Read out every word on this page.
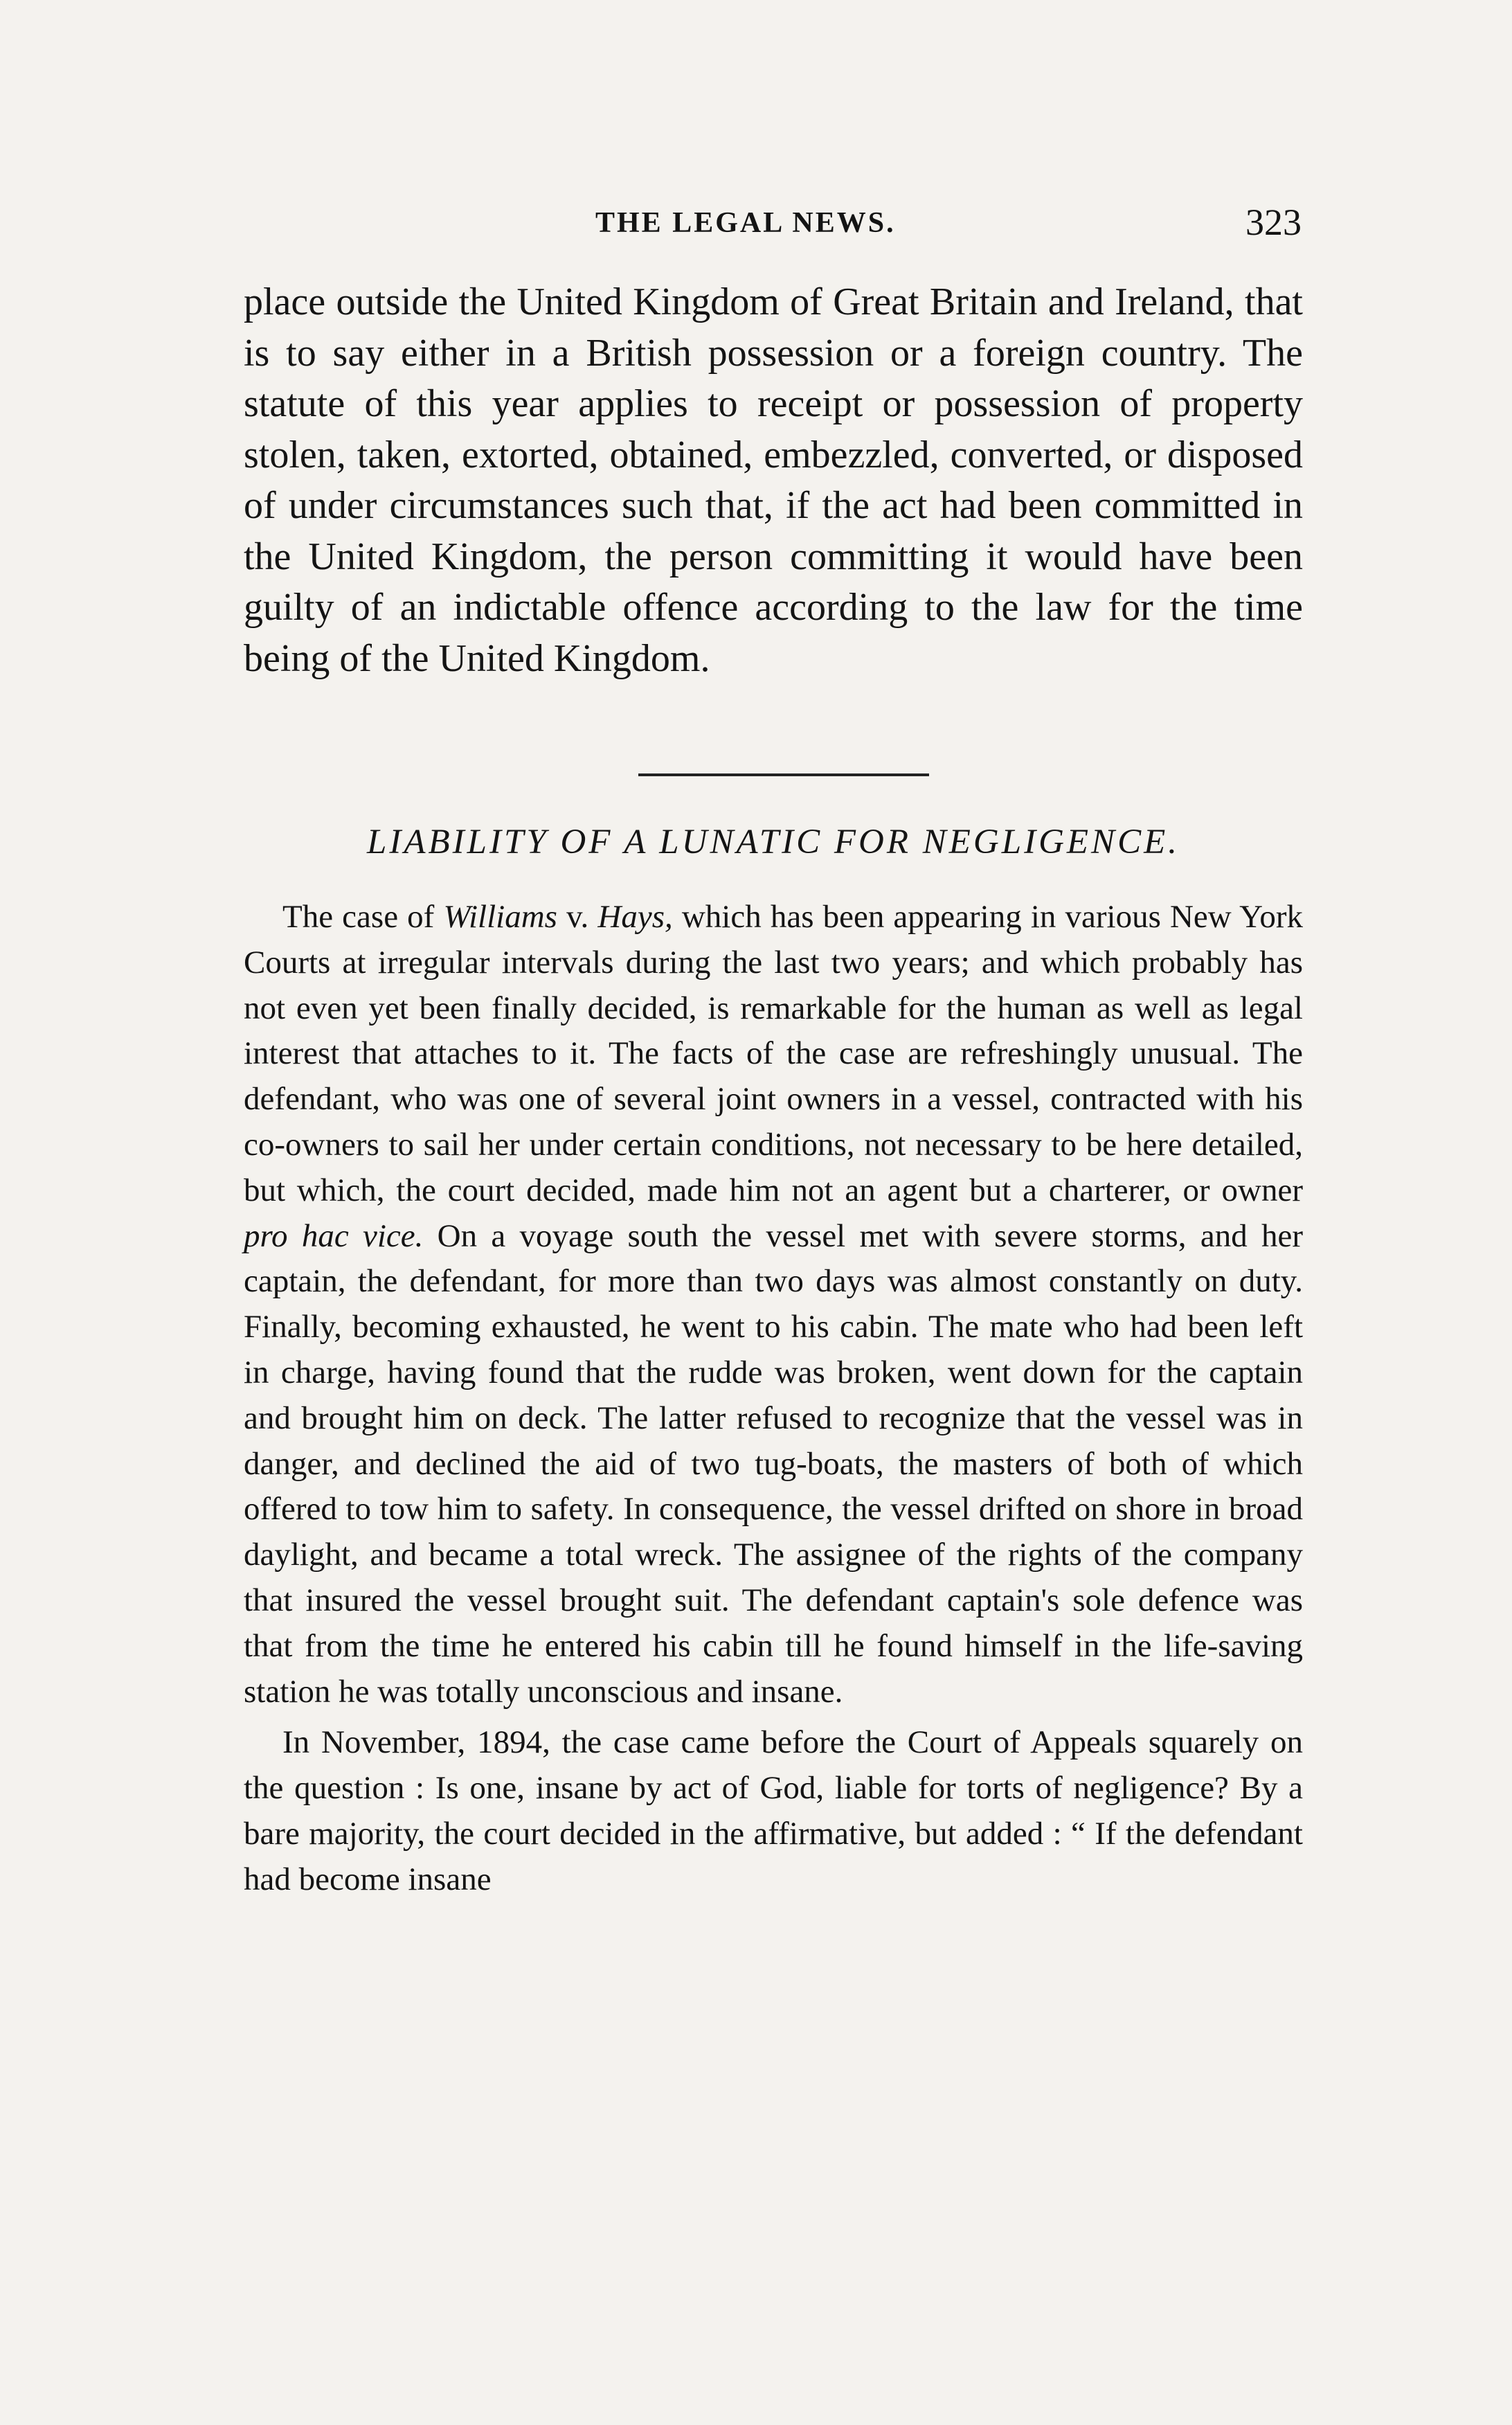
THE LEGAL NEWS.	323

place outside the United Kingdom of Great Britain and Ireland, that is to say either in a British possession or a foreign country. The statute of this year applies to receipt or possession of property stolen, taken, extorted, obtained, embezzled, converted, or disposed of under circumstances such that, if the act had been committed in the United Kingdom, the person committing it would have been guilty of an indictable offence according to the law for the time being of the United Kingdom.

LIABILITY OF A LUNATIC FOR NEGLIGENCE.

The case of Williams v. Hays, which has been appearing in various New York Courts at irregular intervals during the last two years; and which probably has not even yet been finally decided, is remarkable for the human as well as legal interest that attaches to it. The facts of the case are refreshingly unusual. The defendant, who was one of several joint owners in a vessel, contracted with his co-owners to sail her under certain conditions, not necessary to be here detailed, but which, the court decided, made him not an agent but a charterer, or owner pro hac vice. On a voyage south the vessel met with severe storms, and her captain, the defendant, for more than two days was almost constantly on duty. Finally, becoming exhausted, he went to his cabin. The mate who had been left in charge, having found that the rudde was broken, went down for the captain and brought him on deck. The latter refused to recognize that the vessel was in danger, and declined the aid of two tug-boats, the masters of both of which offered to tow him to safety. In consequence, the vessel drifted on shore in broad daylight, and became a total wreck. The assignee of the rights of the company that insured the vessel brought suit. The defendant captain's sole defence was that from the time he entered his cabin till he found himself in the life-saving station he was totally unconscious and insane.

In November, 1894, the case came before the Court of Appeals squarely on the question : Is one, insane by act of God, liable for torts of negligence? By a bare majority, the court decided in the affirmative, but added : “ If the defendant had become insane
